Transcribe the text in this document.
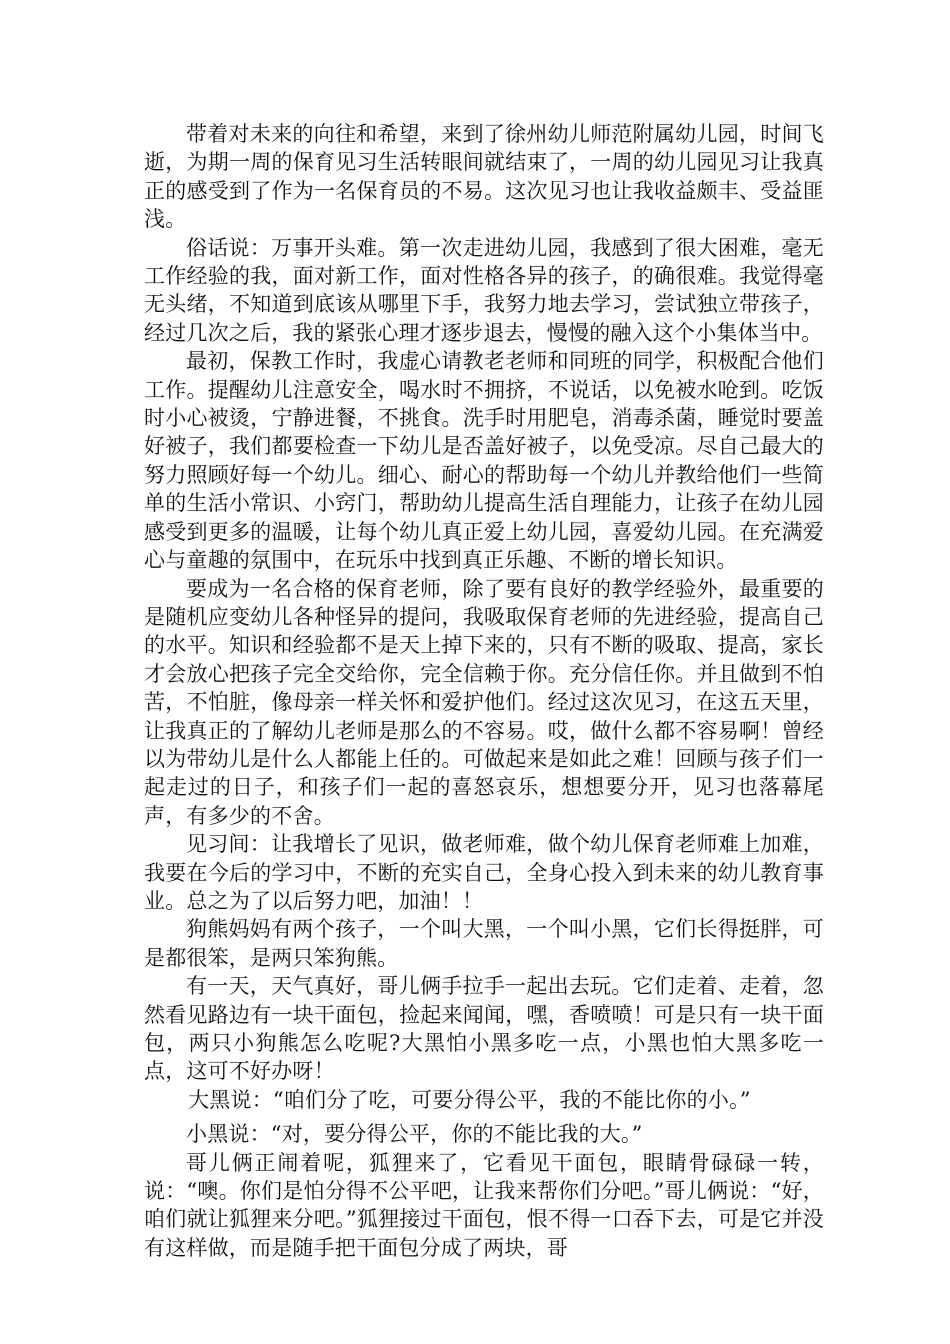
带着对未来的向往和希望，来到了徐州幼儿师范附属幼儿园，时间飞逝，为期一周的保育见习生活转眼间就结束了，一周的幼儿园见习让我真正的感受到了作为一名保育员的不易。这次见习也让我收益颇丰、受益匪浅。

俗话说：万事开头难。第一次走进幼儿园，我感到了很大困难，毫无工作经验的我，面对新工作，面对性格各异的孩子，的确很难。我觉得毫无头绪，不知道到底该从哪里下手，我努力地去学习，尝试独立带孩子，经过几次之后，我的紧张心理才逐步退去，慢慢的融入这个小集体当中。

最初，保教工作时，我虚心请教老老师和同班的同学，积极配合他们工作。提醒幼儿注意安全，喝水时不拥挤，不说话，以免被水呛到。吃饭时小心被烫，宁静进餐，不挑食。洗手时用肥皂，消毒杀菌，睡觉时要盖好被子，我们都要检查一下幼儿是否盖好被子，以免受凉。尽自己最大的努力照顾好每一个幼儿。细心、耐心的帮助每一个幼儿并教给他们一些简单的生活小常识、小窍门，帮助幼儿提高生活自理能力，让孩子在幼儿园感受到更多的温暖，让每个幼儿真正爱上幼儿园，喜爱幼儿园。在充满爱心与童趣的氛围中，在玩乐中找到真正乐趣、不断的增长知识。

要成为一名合格的保育老师，除了要有良好的教学经验外，最重要的是随机应变幼儿各种怪异的提问，我吸取保育老师的先进经验，提高自己的水平。知识和经验都不是天上掉下来的，只有不断的吸取、提高，家长才会放心把孩子完全交给你，完全信赖于你。充分信任你。并且做到不怕苦，不怕脏，像母亲一样关怀和爱护他们。经过这次见习，在这五天里，让我真正的了解幼儿老师是那么的不容易。哎，做什么都不容易啊！曾经以为带幼儿是什么人都能上任的。可做起来是如此之难！回顾与孩子们一起走过的日子，和孩子们一起的喜怒哀乐，想想要分开，见习也落幕尾声，有多少的不舍。

见习间：让我增长了见识，做老师难，做个幼儿保育老师难上加难，我要在今后的学习中，不断的充实自己，全身心投入到未来的幼儿教育事业。总之为了以后努力吧，加油！！

狗熊妈妈有两个孩子，一个叫大黑，一个叫小黑，它们长得挺胖，可是都很笨，是两只笨狗熊。

有一天，天气真好，哥儿俩手拉手一起出去玩。它们走着、走着，忽然看见路边有一块干面包，捡起来闻闻，嘿，香喷喷！可是只有一块干面包，两只小狗熊怎么吃呢?大黑怕小黑多吃一点，小黑也怕大黑多吃一点，这可不好办呀！

大黑说：“咱们分了吃，可要分得公平，我的不能比你的小。”

小黑说：“对，要分得公平，你的不能比我的大。”

哥儿俩正闹着呢，狐狸来了，它看见干面包，眼睛骨碌碌一转，说：“噢。你们是怕分得不公平吧，让我来帮你们分吧。”哥儿俩说：“好，咱们就让狐狸来分吧。”狐狸接过干面包，恨不得一口吞下去，可是它并没有这样做，而是随手把干面包分成了两块，哥
